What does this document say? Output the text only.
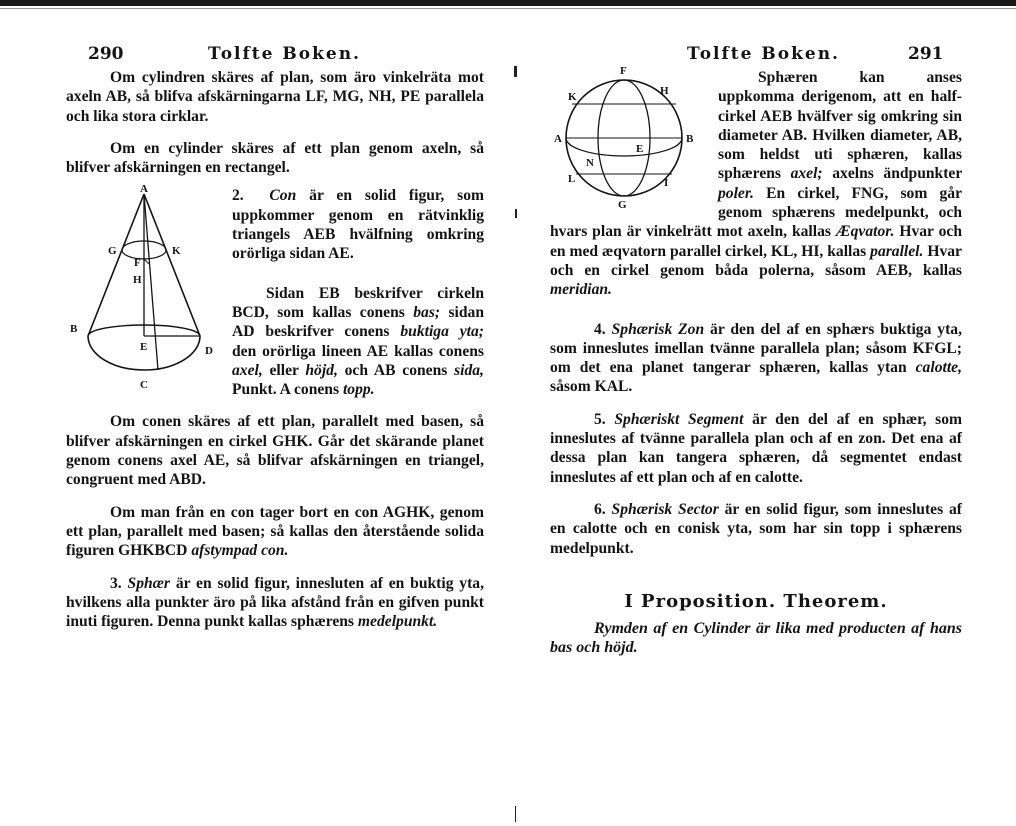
290	Tolfte Boken.

Om cylindren skäres af plan, som äro vinkelräta mot axeln AB, så blifva afskärningarna LF, MG, NH, PE parallela och lika stora cirklar.

Om en cylinder skäres af ett plan genom axeln, så blifver afskärningen en rectangel.

A
G	K
F
H
B
E	D
C

2. Con är en solid figur, som uppkommer genom en rätvinklig triangels AEB hvälfning omkring orörliga sidan AE.

Sidan EB beskrifver cirkeln BCD, som kallas conens bas; sidan AD beskrifver conens buktiga yta; den orörliga lineen AE kallas conens axel, eller höjd, och AB conens sida, Punkt. A conens topp.

Om conen skäres af ett plan, parallelt med basen, så blifver afskärningen en cirkel GHK. Går det skärande planet genom conens axel AE, så blifvar afskärningen en triangel, congruent med ABD.

Om man från en con tager bort en con AGHK, genom ett plan, parallelt med basen; så kallas den återstående solida figuren GHKBCD afstympad con.

3. Sphær är en solid figur, innesluten af en buktig yta, hvilkens alla punkter äro på lika afstånd från en gifven punkt inuti figuren. Denna punkt kallas sphærens medelpunkt.

Tolfte Boken.	291
F
K	H
A
E
B
N
L	I
G

Sphæren kan anses uppkomma derigenom, att en half-cirkel AEB hvälfver sig omkring sin diameter AB. Hvilken diameter, AB, som heldst uti sphæren, kallas sphærens axel; axelns ändpunkter poler. En cirkel, FNG, som går genom sphærens medelpunkt, och hvars plan är vinkelrätt mot axeln, kallas Æqvator. Hvar och en med æqvatorn parallel cirkel, KL, HI, kallas parallel. Hvar och en cirkel genom båda polerna, såsom AEB, kallas meridian.

4. Sphærisk Zon är den del af en sphærs buktiga yta, som inneslutes imellan tvänne parallela plan; såsom KFGL; om det ena planet tangerar sphæren, kallas ytan calotte, såsom KAL.

5. Sphæriskt Segment är den del af en sphær, som inneslutes af tvänne parallela plan och af en zon. Det ena af dessa plan kan tangera sphæren, då segmentet endast inneslutes af ett plan och af en calotte.

6. Sphærisk Sector är en solid figur, som inneslutes af en calotte och en conisk yta, som har sin topp i sphærens medelpunkt.

I Proposition. Theorem.

Rymden af en Cylinder är lika med producten af hans bas och höjd.
